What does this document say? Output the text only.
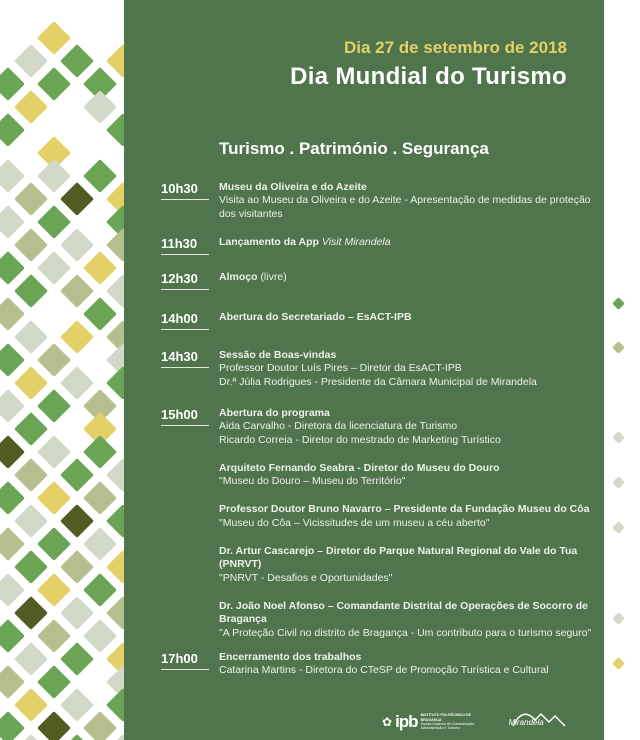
Dia 27 de setembro de 2018
Dia Mundial do Turismo
Turismo . Património . Segurança
10h30	Museu da Oliveira e do Azeite
Visita ao Museu da Oliveira e do Azeite - Apresentação de medidas de proteção dos visitantes
11h30	Lançamento da App Visit Mirandela
12h30	Almoço (livre)
14h00	Abertura do Secretariado – EsACT-IPB
14h30	Sessão de Boas-vindas
Professor Doutor Luís Pires – Diretor da EsACT-IPB
Dr.ª Júlia Rodrigues - Presidente da Câmara Municipal de Mirandela
15h00	Abertura do programa
Aida Carvalho - Diretora da licenciatura de Turismo
Ricardo Correia - Diretor do mestrado de Marketing Turístico
Arquiteto Fernando Seabra - Diretor do Museu do Douro
"Museu do Douro – Museu do Território"
Professor Doutor Bruno Navarro – Presidente da Fundação Museu do Côa
"Museu do Côa – Vicissitudes de um museu a céu aberto"
Dr. Artur Cascarejo – Diretor do Parque Natural Regional do Vale do Tua (PNRVT)
"PNRVT - Desafios e Oportunidades"
Dr. João Noel Afonso – Comandante Distrital de Operações de Socorro de Bragança
"A Proteção Civil no distrito de Bragança - Um contributo para o turismo seguro"
17h00	Encerramento dos trabalhos
Catarina Martins - Diretora do CTeSP de Promoção Turística e Cultural
✿ ipb INSTITUTO POLITÉCNICO DE BRAGANÇA
Escola Superior de Comunicação, Administração e Turismo
Mirandela
